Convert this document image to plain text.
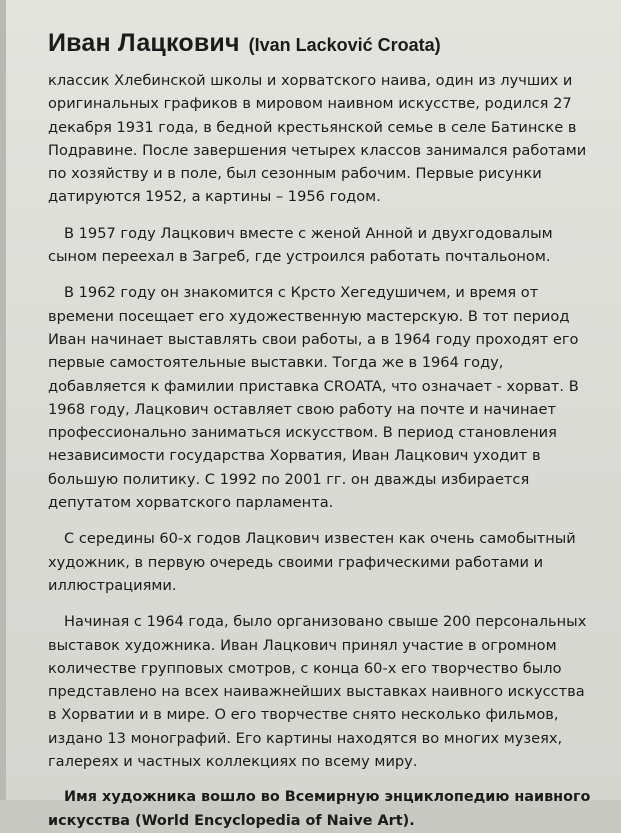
Иван Лацкович (Ivan Lacković Croata)

классик Хлебинской школы и хорватского наива, один из лучших и оригинальных графиков в мировом наивном искусстве, родился 27 декабря 1931 года, в бедной крестьянской семье в селе Батинске в Подравине. После завершения четырех классов занимался работами по хозяйству и в поле, был сезонным рабочим. Первые рисунки датируются 1952, а картины – 1956 годом.

В 1957 году Лацкович вместе с женой Анной и двухгодовалым сыном переехал в Загреб, где устроился работать почтальоном.

В 1962 году он знакомится с Крсто Хегедушичем, и время от времени посещает его художественную мастерскую. В тот период Иван начинает выставлять свои работы, а в 1964 году проходят его первые самостоятельные выставки. Тогда же в 1964 году, добавляется к фамилии приставка CROATA, что означает - хорват. В 1968 году, Лацкович оставляет свою работу на почте и начинает профессионально заниматься искусством. В период становления независимости государства Хорватия, Иван Лацкович уходит в большую политику. С 1992 по 2001 гг. он дважды избирается депутатом хорватского парламента.

С середины 60-х годов Лацкович известен как очень самобытный художник, в первую очередь своими графическими работами и иллюстрациями.

Начиная с 1964 года, было организовано свыше 200 персональных выставок художника. Иван Лацкович принял участие в огромном количестве групповых смотров, с конца 60-х его творчество было представлено на всех наиважнейших выставках наивного искусства в Хорватии и в мире. О его творчестве снято несколько фильмов, издано 13 монографий. Его картины находятся во многих музеях, галереях и частных коллекциях по всему миру.

Имя художника вошло во Всемирную энциклопедию наивного искусства (World Encyclopedia of Naive Art).
